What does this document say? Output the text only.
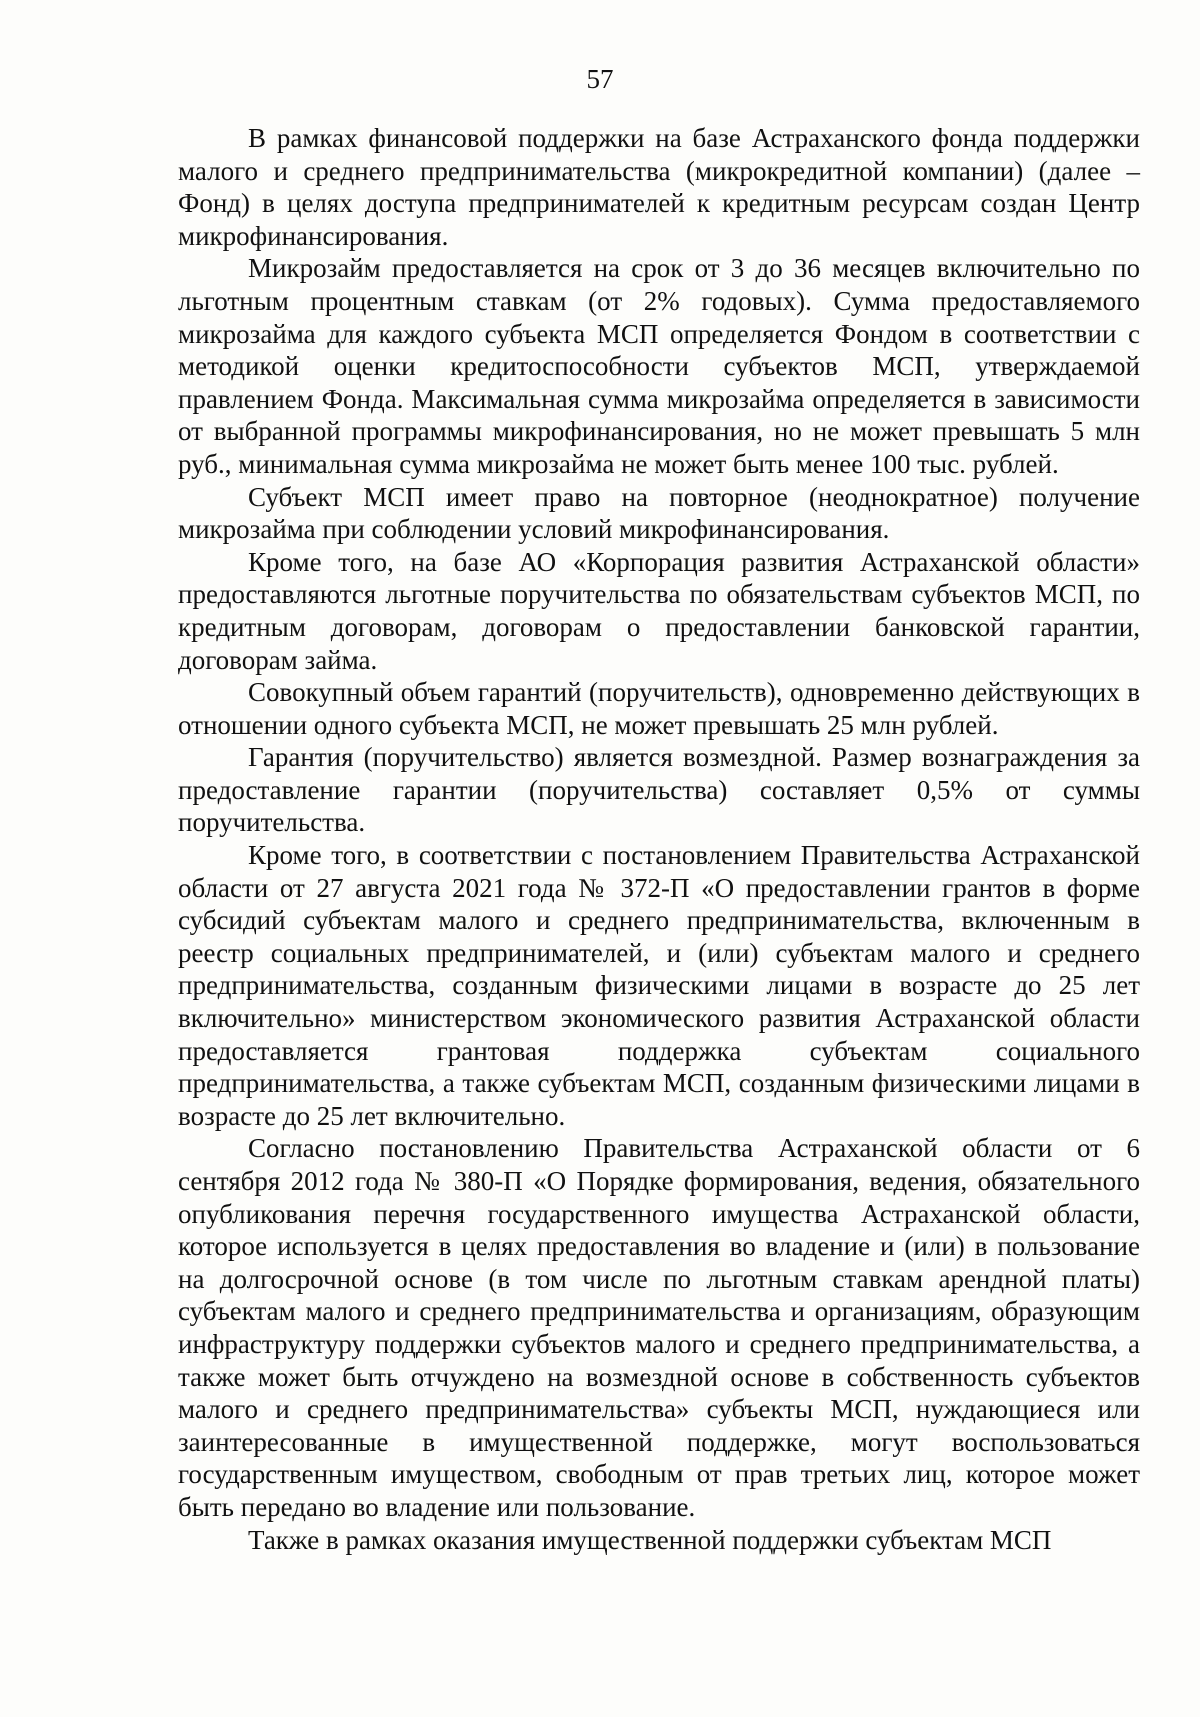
57

В рамках финансовой поддержки на базе Астраханского фонда поддержки малого и среднего предпринимательства (микрокредитной компании) (далее – Фонд) в целях доступа предпринимателей к кредитным ресурсам создан Центр микрофинансирования.

Микрозайм предоставляется на срок от 3 до 36 месяцев включительно по льготным процентным ставкам (от 2% годовых). Сумма предоставляемого микрозайма для каждого субъекта МСП определяется Фондом в соответствии с методикой оценки кредитоспособности субъектов МСП, утверждаемой правлением Фонда. Максимальная сумма микрозайма определяется в зависимости от выбранной программы микрофинансирования, но не может превышать 5 млн руб., минимальная сумма микрозайма не может быть менее 100 тыс. рублей.

Субъект МСП имеет право на повторное (неоднократное) получение микрозайма при соблюдении условий микрофинансирования.

Кроме того, на базе АО «Корпорация развития Астраханской области» предоставляются льготные поручительства по обязательствам субъектов МСП, по кредитным договорам, договорам о предоставлении банковской гарантии, договорам займа.

Совокупный объем гарантий (поручительств), одновременно действующих в отношении одного субъекта МСП, не может превышать 25 млн рублей.

Гарантия (поручительство) является возмездной. Размер вознаграждения за предоставление гарантии (поручительства) составляет 0,5% от суммы поручительства.

Кроме того, в соответствии с постановлением Правительства Астраханской области от 27 августа 2021 года № 372-П «О предоставлении грантов в форме субсидий субъектам малого и среднего предпринимательства, включенным в реестр социальных предпринимателей, и (или) субъектам малого и среднего предпринимательства, созданным физическими лицами в возрасте до 25 лет включительно» министерством экономического развития Астраханской области предоставляется грантовая поддержка субъектам социального предпринимательства, а также субъектам МСП, созданным физическими лицами в возрасте до 25 лет включительно.

Согласно постановлению Правительства Астраханской области от 6 сентября 2012 года № 380-П «О Порядке формирования, ведения, обязательного опубликования перечня государственного имущества Астраханской области, которое используется в целях предоставления во владение и (или) в пользование на долгосрочной основе (в том числе по льготным ставкам арендной платы) субъектам малого и среднего предпринимательства и организациям, образующим инфраструктуру поддержки субъектов малого и среднего предпринимательства, а также может быть отчуждено на возмездной основе в собственность субъектов малого и среднего предпринимательства» субъекты МСП, нуждающиеся или заинтересованные в имущественной поддержке, могут воспользоваться государственным имуществом, свободным от прав третьих лиц, которое может быть передано во владение или пользование.

Также в рамках оказания имущественной поддержки субъектам МСП
